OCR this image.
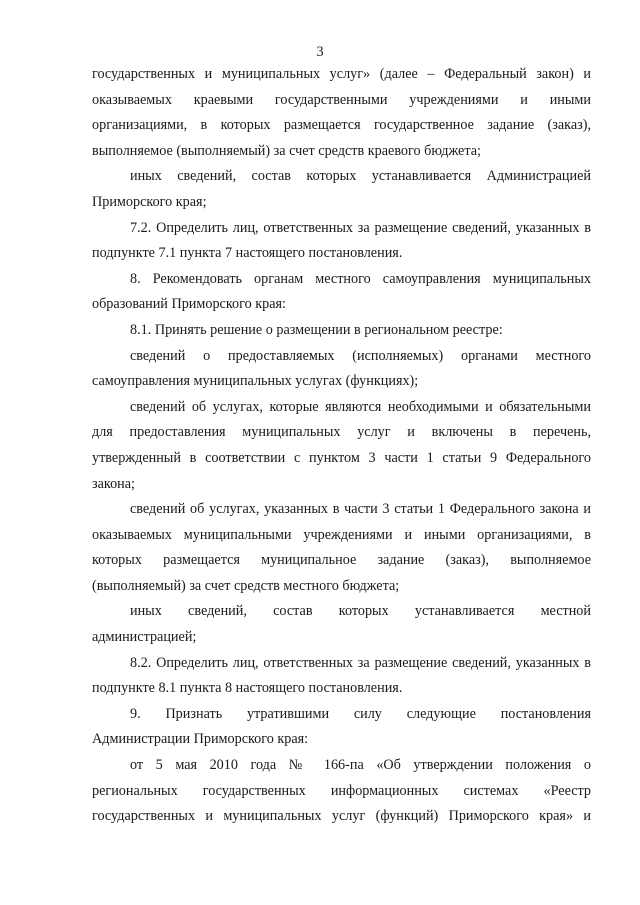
3
государственных и муниципальных услуг» (далее – Федеральный закон) и
оказываемых краевыми государственными учреждениями и иными
организациями, в которых размещается государственное задание (заказ),
выполняемое (выполняемый) за счет средств краевого бюджета;
иных сведений, состав которых устанавливается Администрацией
Приморского края;
7.2. Определить лиц, ответственных за размещение сведений, указанных в
подпункте 7.1 пункта 7 настоящего постановления.
8. Рекомендовать органам местного самоуправления муниципальных
образований Приморского края:
8.1. Принять решение о размещении в региональном реестре:
сведений о предоставляемых (исполняемых) органами местного
самоуправления муниципальных услугах (функциях);
сведений об услугах, которые являются необходимыми и обязательными
для предоставления муниципальных услуг и включены в перечень,
утвержденный в соответствии с пунктом 3 части 1 статьи 9 Федерального
закона;
сведений об услугах, указанных в части 3 статьи 1 Федерального закона и
оказываемых муниципальными учреждениями и иными организациями, в
которых размещается муниципальное задание (заказ), выполняемое
(выполняемый) за счет средств местного бюджета;
иных сведений, состав которых устанавливается местной
администрацией;
8.2. Определить лиц, ответственных за размещение сведений, указанных в
подпункте 8.1 пункта 8 настоящего постановления.
9. Признать утратившими силу следующие постановления
Администрации Приморского края:
от 5 мая 2010 года № 166-па «Об утверждении положения о
региональных государственных информационных системах «Реестр
государственных и муниципальных услуг (функций) Приморского края» и
